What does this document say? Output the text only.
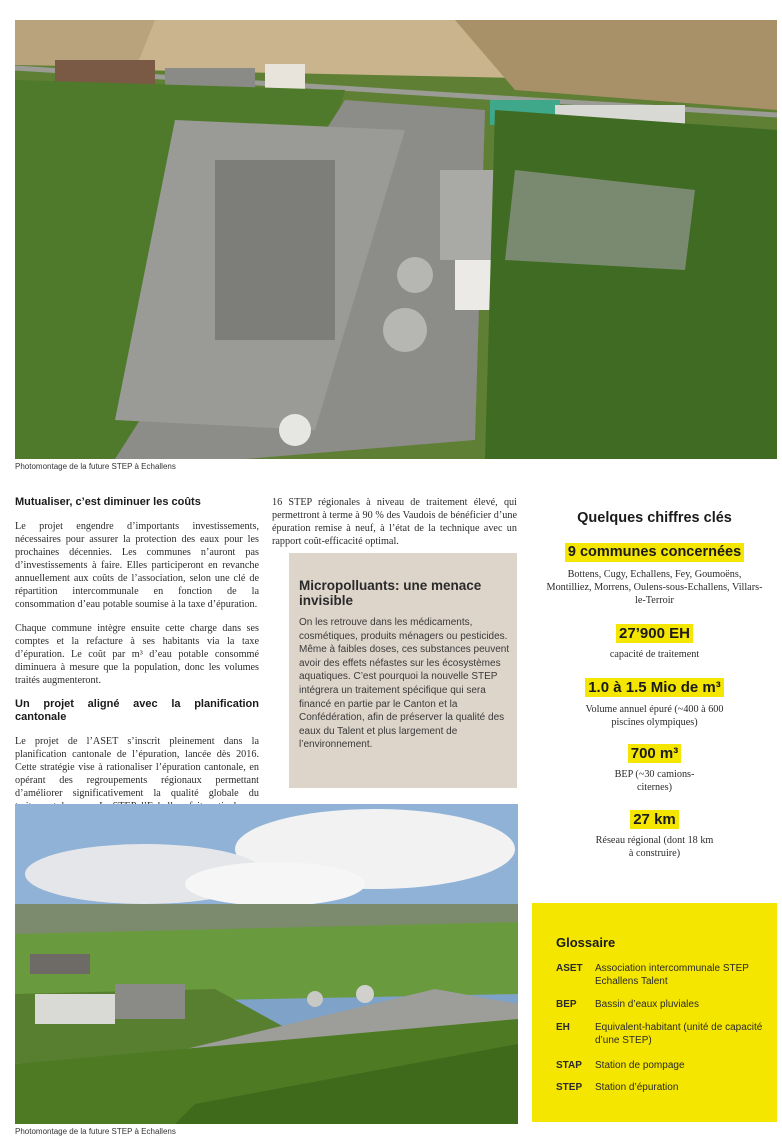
Photomontage de la future STEP à Echallens

Mutualiser, c’est diminuer les coûts

Le projet engendre d’importants investissements, nécessaires pour assurer la protection des eaux pour les prochaines décennies. Les communes n’auront pas d’investissements à faire. Elles participeront en revanche annuellement aux coûts de l’association, selon une clé de répartition intercommunale en fonction de la consommation d’eau potable soumise à la taxe d’épuration.

Chaque commune intègre ensuite cette charge dans ses comptes et la refacture à ses habitants via la taxe d’épuration. Le coût par m³ d’eau potable consommé diminuera à mesure que la population, donc les volumes traités augmenteront.

Un projet aligné avec la planification cantonale

Le projet de l’ASET s’inscrit pleinement dans la planification cantonale de l’épuration, lancée dès 2016. Cette stratégie vise à rationaliser l’épuration cantonale, en opérant des regroupements régionaux permettant d’améliorer significativement la qualité globale du

16 STEP régionales à niveau de traitement élevé, qui permettront à terme à 90 % des Vaudois de bénéficier d’une épuration remise à neuf, à l’état de la technique avec un rapport coût-efficacité optimal.

Micropolluants: une menace invisible
On les retrouve dans les médicaments, cosmétiques, produits ménagers ou pesticides. Même à faibles doses, ces substances peuvent avoir des effets néfastes sur les écosystèmes aquatiques. C’est pourquoi la nouvelle STEP intégrera un traitement spécifique qui sera financé en partie par le Canton et la Confédération, afin de préserver la qualité des eaux du Talent et plus largement de l’environnement.
Quelques chiffres clés
9 communes concernées
Bottens, Cugy, Echallens, Fey, Goumoëns, Montilliez, Morrens, Oulens-sous-Echallens, Villars-le-Terroir
27’900 EH
capacité de traitement
1.0 à 1.5 Mio de m³
Volume annuel épuré (~400 à 600 piscines olympiques)
700 m³
BEP (~30 camions-citernes)
27 km
Réseau régional (dont 18 km à construire)
Photomontage de la future STEP à Echallens
Glossaire
ASET Association intercommunale STEP Echallens Talent
BEP Bassin d’eaux pluviales
EH	Equivalent-habitant (unité de capacité d’une STEP)
STAP Station de pompage
STEP Station d’épuration
